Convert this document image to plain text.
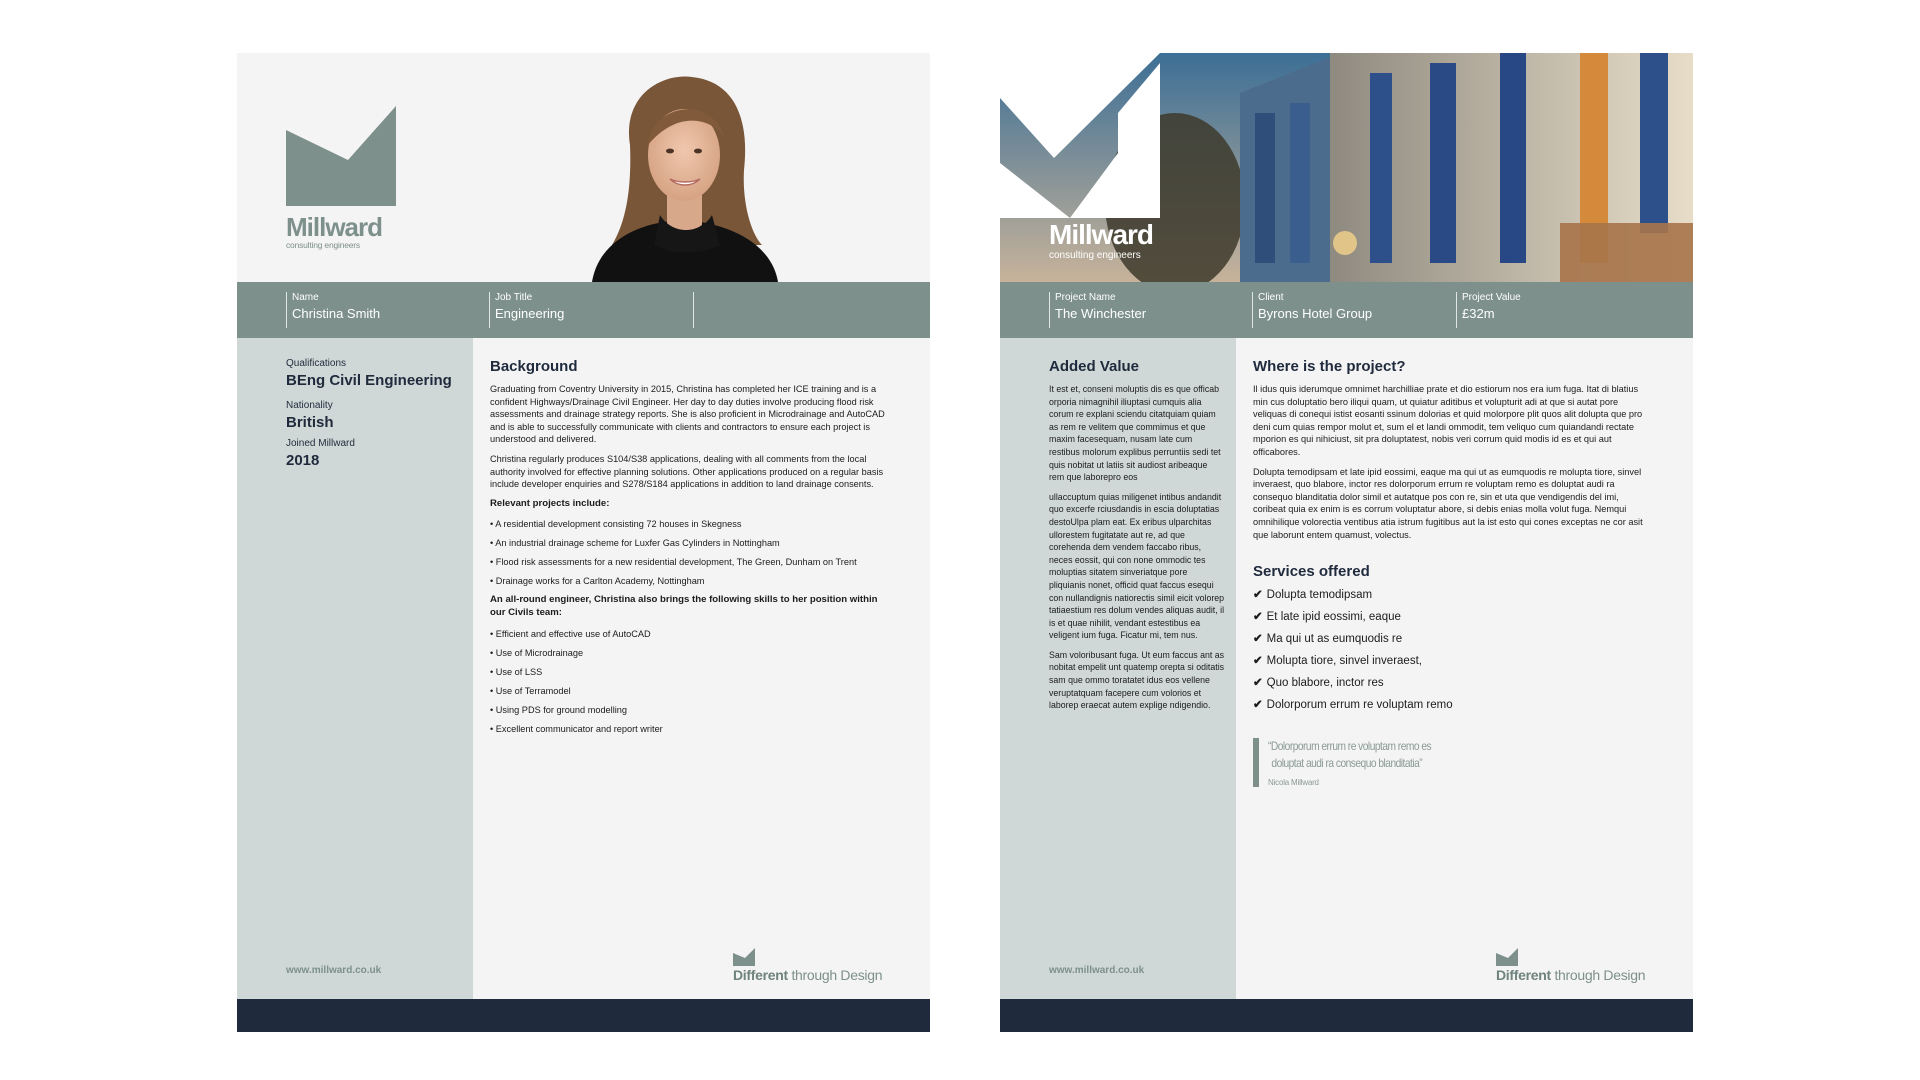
Millward
consulting engineers
Name
Christina Smith
Job Title
Engineering
Qualifications
BEng Civil Engineering
Nationality
British
Joined Millward
2018
www.millward.co.uk
Background
Graduating from Coventry University in 2015, Christina has completed her ICE training and is a confident Highways/Drainage Civil Engineer. Her day to day duties involve producing flood risk assessments and drainage strategy reports. She is also proficient in Microdrainage and AutoCAD and is able to successfully communicate with clients and contractors to ensure each project is understood and delivered.
Christina regularly produces S104/S38 applications, dealing with all comments from the local authority involved for effective planning solutions. Other applications produced on a regular basis include developer enquiries and S278/S184 applications in addition to land drainage consents.
Relevant projects include:
• A residential development consisting 72 houses in Skegness
• An industrial drainage scheme for Luxfer Gas Cylinders in Nottingham
• Flood risk assessments for a new residential development, The Green, Dunham on Trent
• Drainage works for a Carlton Academy, Nottingham
An all-round engineer, Christina also brings the following skills to her position within our Civils team:
• Efficient and effective use of AutoCAD
• Use of Microdrainage
• Use of LSS
• Use of Terramodel
• Using PDS for ground modelling
• Excellent communicator and report writer
Different through Design
Millward
consulting engineers
Project Name
The Winchester
Client
Byrons Hotel Group
Project Value
£32m
Added Value
It est et, conseni moluptis dis es que officab orporia nimagnihil iliuptasi cumquis alia corum re explani sciendu citatquiam quiam as rem re velitem que commimus et que maxim facesequam, nusam late cum restibus molorum explibus perruntiis sedi tet quis nobitat ut latiis sit audiost aribeaque rem que laborepro eos
ullaccuptum quias miligenet intibus andandit quo excerfe rciusdandis in escia doluptatias destoUlpa plam eat. Ex eribus ulparchitas ullorestem fugitatate aut re, ad que corehenda dem vendem faccabo ribus, neces eossit, qui con none ommodic tes moluptias sitatem sinveriatque pore pliquianis nonet, officid quat faccus esequi con nullandignis natiorectis simil eicit volorep tatiaestium res dolum vendes aliquas audit, il is et quae nihilit, vendant estestibus ea veligent ium fuga. Ficatur mi, tem nus.
Sam voloribusant fuga. Ut eum faccus ant as nobitat empelit unt quatemp orepta si oditatis sam que ommo toratatet idus eos vellene veruptatquam facepere cum volorios et laborep eraecat autem explige ndigendio.
www.millward.co.uk
Where is the project?
Il idus quis iderumque omnimet harchilliae prate et dio estiorum nos era ium fuga. Itat di blatius min cus doluptatio bero iliqui quam, ut quiatur aditibus et volupturit adi at que si autat pore veliquas di conequi istist eosanti ssinum dolorias et quid molorpore plit quos alit dolupta que pro deni cum quias rempor molut et, sum el et landi ommodit, tem veliquo cum quiandandi rectate mporion es qui nihiciust, sit pra doluptatest, nobis veri corrum quid modis id es et qui aut officabores.
Dolupta temodipsam et late ipid eossimi, eaque ma qui ut as eumquodis re molupta tiore, sinvel inveraest, quo blabore, inctor res dolorporum errum re voluptam remo es doluptat audi ra consequo blanditatia dolor simil et autatque pos con re, sin et uta que vendigendis del imi, coribeat quia ex enim is es corrum voluptatur abore, si debis enias molla volut fuga. Nemqui omnihilique volorectia ventibus atia istrum fugitibus aut la ist esto qui cones exceptas ne cor asit que laborunt entem quamust, volectus.
Services offered
✔ Dolupta temodipsam
✔ Et late ipid eossimi, eaque
✔ Ma qui ut as eumquodis re
✔ Molupta tiore, sinvel inveraest,
✔ Quo blabore, inctor res
✔ Dolorporum errum re voluptam remo
“Dolorporum errum re voluptam remo es
doluptat audi ra consequo blanditatia”
Nicola Millward
Different through Design
